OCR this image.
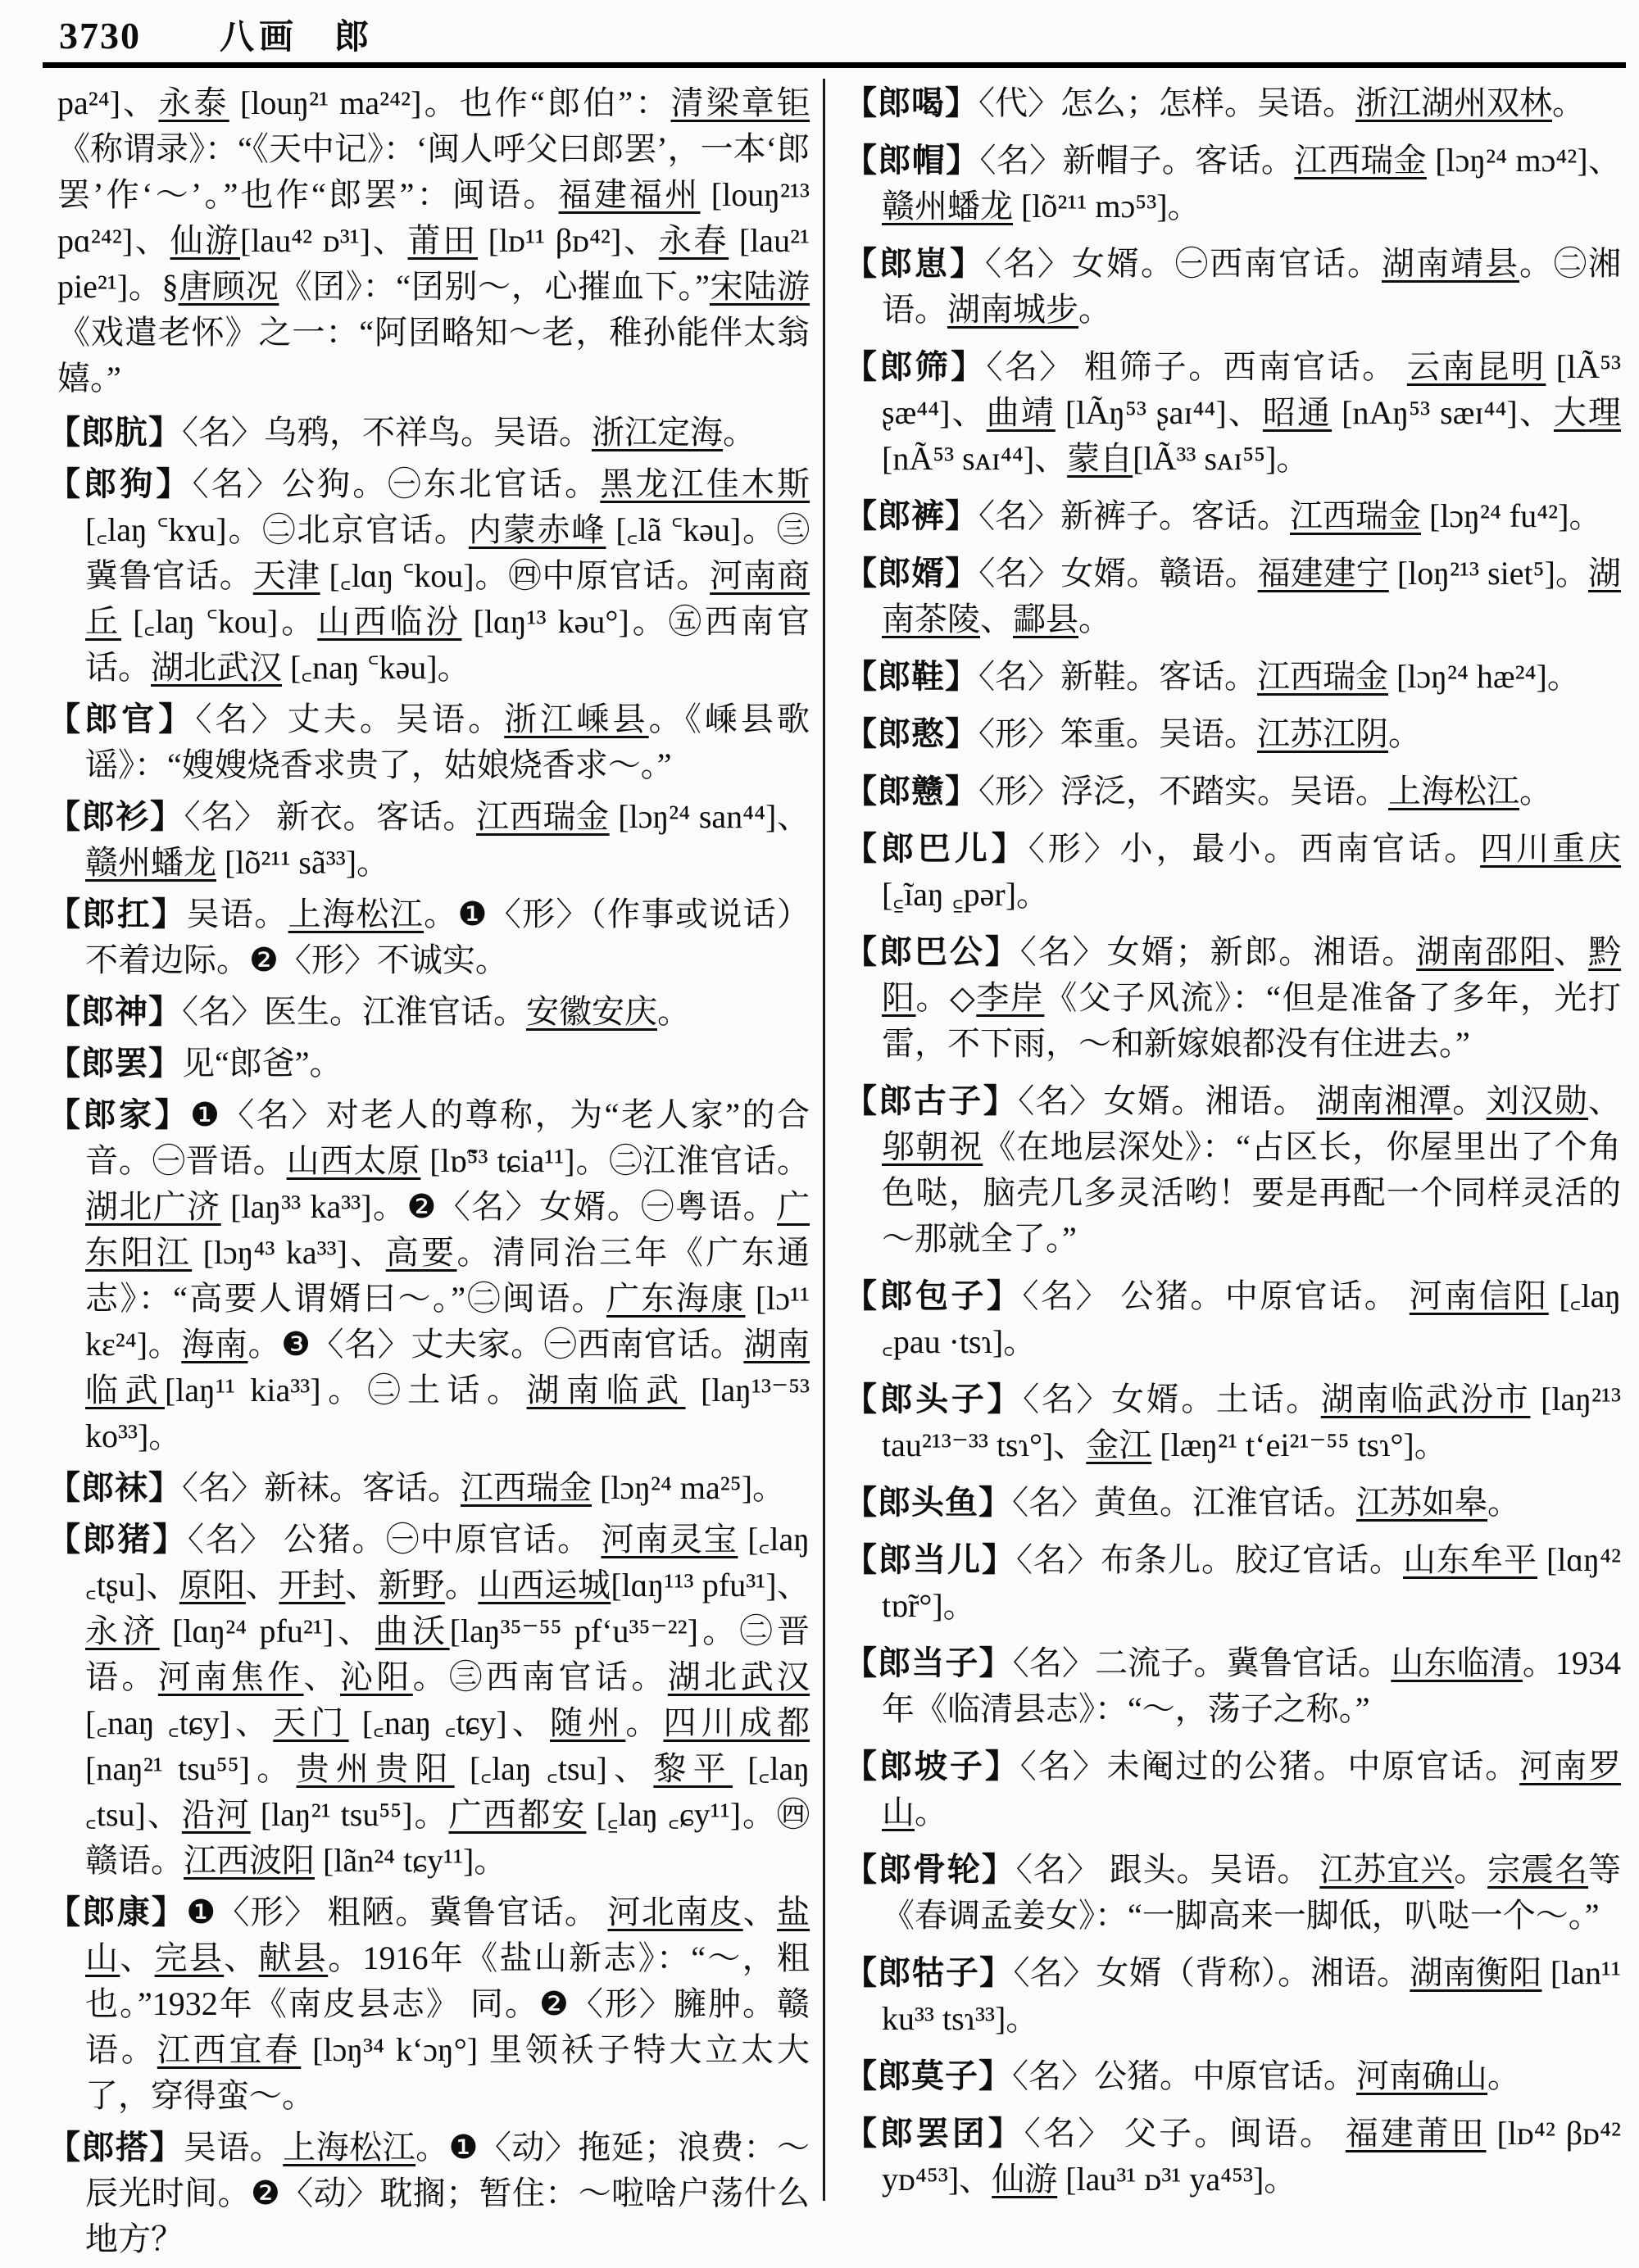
3730 八画 郎

pa²⁴]、永泰 [louŋ²¹ ma²⁴²]。也作“郎伯”：清梁章钜《称谓录》：“《天中记》：‘闽人呼父曰郎罢’，一本‘郎罢’作‘～’。”也作“郎罢”：闽语。福建福州 [louŋ²¹³ pɑ²⁴²]、仙游[lau⁴² ᴅ³¹]、莆田 [lᴅ¹¹ βᴅ⁴²]、永春 [lau²¹ pie²¹]。§唐顾况《囝》：“囝别～，心摧血下。”宋陆游《戏遣老怀》之一：“阿囝略知～老，稚孙能伴太翁嬉。”

【郎肮】〈名〉乌鸦，不祥鸟。吴语。浙江定海。

【郎狗】〈名〉公狗。㊀东北官话。黑龙江佳木斯 [꜀laŋ ꜂kɤu]。㊁北京官话。内蒙赤峰 [꜀lã ꜂kəu]。㊂冀鲁官话。天津 [꜀lɑŋ ꜂kou]。㊃中原官话。河南商丘 [꜀laŋ ꜂kou]。山西临汾 [lɑŋ¹³ kəu°]。㊄西南官话。湖北武汉 [꜀naŋ ꜂kəu]。

【郎官】〈名〉丈夫。吴语。浙江嵊县。《嵊县歌谣》：“嫂嫂烧香求贵了，姑娘烧香求～。”

【郎衫】〈名〉 新衣。客话。江西瑞金 [lɔŋ²⁴ san⁴⁴]、赣州蟠龙 [lõ²¹¹ sã³³]。

【郎扛】吴语。上海松江。❶〈形〉（作事或说话）不着边际。❷〈形〉不诚实。

【郎神】〈名〉医生。江淮官话。安徽安庆。

【郎罢】见“郎爸”。

【郎家】❶〈名〉对老人的尊称，为“老人家”的合音。㊀晋语。山西太原 [lɒ̃⁵³ tɕia¹¹]。㊁江淮官话。湖北广济 [laŋ³³ ka³³]。❷〈名〉女婿。㊀粤语。广东阳江 [lɔŋ⁴³ ka³³]、高要。清同治三年《广东通志》：“高要人谓婿曰～。”㊁闽语。广东海康 [lɔ¹¹ kɛ²⁴]。海南。❸〈名〉丈夫家。㊀西南官话。湖南临武[laŋ¹¹ kia³³]。㊁土话。湖南临武 [laŋ¹³⁻⁵³ ko³³]。

【郎袜】〈名〉新袜。客话。江西瑞金 [lɔŋ²⁴ ma²⁵]。

【郎猪】〈名〉 公猪。㊀中原官话。 河南灵宝 [꜀laŋ ꜀tʂu]、原阳、开封、新野。山西运城[lɑŋ¹¹³ pfu³¹]、永济 [lɑŋ²⁴ pfu²¹]、曲沃[laŋ³⁵⁻⁵⁵ pf‘u³⁵⁻²²]。㊁晋语。河南焦作、沁阳。㊂西南官话。湖北武汉 [꜀naŋ ꜀tɕy]、天门 [꜀naŋ ꜀tɕy]、随州。四川成都 [naŋ²¹ tsu⁵⁵]。贵州贵阳 [꜀laŋ ꜀tsu]、黎平 [꜀laŋ ꜀tsu]、沿河 [laŋ²¹ tsu⁵⁵]。广西都安 [꜁laŋ ꜀ɕy¹¹]。㊃赣语。江西波阳 [lãn²⁴ tɕy¹¹]。

【郎康】❶〈形〉 粗陋。冀鲁官话。 河北南皮、盐山、完县、献县。1916年《盐山新志》：“～，粗也。”1932年《南皮县志》 同。❷〈形〉臃肿。赣语。江西宜春 [lɔŋ³⁴ k‘ɔŋ°] 里领袄子特大立太大了，穿得蛮～。

【郎搭】吴语。上海松江。❶〈动〉拖延；浪费：～辰光时间。❷〈动〉耽搁；暂住：～啦啥户荡什么地方？

【郎喝】〈代〉怎么；怎样。吴语。浙江湖州双林。

【郎帽】〈名〉新帽子。客话。江西瑞金 [lɔŋ²⁴ mɔ⁴²]、赣州蟠龙 [lõ²¹¹ mɔ⁵³]。

【郎崽】〈名〉女婿。㊀西南官话。湖南靖县。㊁湘语。湖南城步。

【郎筛】〈名〉 粗筛子。西南官话。 云南昆明 [lÃ⁵³ ʂæ⁴⁴]、曲靖 [lÃŋ⁵³ ʂaɪ⁴⁴]、昭通 [nAŋ⁵³ sæɪ⁴⁴]、大理[nÃ⁵³ sᴀɪ⁴⁴]、蒙自[lÃ³³ sᴀɪ⁵⁵]。

【郎裤】〈名〉新裤子。客话。江西瑞金 [lɔŋ²⁴ fu⁴²]。

【郎婿】〈名〉女婿。赣语。福建建宁 [loŋ²¹³ siet⁵]。湖南茶陵、酃县。

【郎鞋】〈名〉新鞋。客话。江西瑞金 [lɔŋ²⁴ hæ²⁴]。

【郎憨】〈形〉笨重。吴语。江苏江阴。

【郎戆】〈形〉浮泛，不踏实。吴语。上海松江。

【郎巴儿】〈形〉小，最小。西南官话。四川重庆 [꜁ĩaŋ ꜁pər]。

【郎巴公】〈名〉女婿；新郎。湘语。湖南邵阳、黔阳。◇李岸《父子风流》：“但是准备了多年，光打雷，不下雨，～和新嫁娘都没有住进去。”

【郎古子】〈名〉女婿。湘语。 湖南湘潭。刘汉勋、邬朝祝《在地层深处》：“占区长，你屋里出了个角色哒，脑壳几多灵活哟！要是再配一个同样灵活的～那就全了。”

【郎包子】〈名〉 公猪。中原官话。 河南信阳 [꜀laŋ ꜀pau ·tsɿ]。

【郎头子】〈名〉女婿。土话。湖南临武汾市 [laŋ²¹³ tau²¹³⁻³³ tsɿ°]、金江 [læŋ²¹ t‘ei²¹⁻⁵⁵ tsɿ°]。

【郎头鱼】〈名〉黄鱼。江淮官话。江苏如皋。

【郎当儿】〈名〉布条儿。胶辽官话。山东牟平 [lɑŋ⁴² tɒ̃r°]。

【郎当子】〈名〉二流子。冀鲁官话。山东临清。1934年《临清县志》：“～，荡子之称。”

【郎坡子】〈名〉未阉过的公猪。中原官话。河南罗山。

【郎骨轮】〈名〉 跟头。吴语。 江苏宜兴。宗震名等《春调孟姜女》：“一脚高来一脚低，叭哒一个～。”

【郎牯子】〈名〉女婿（背称）。湘语。湖南衡阳 [lan¹¹ ku³³ tsɿ³³]。

【郎莫子】〈名〉公猪。中原官话。河南确山。

【郎罢囝】〈名〉 父子。闽语。 福建莆田 [lᴅ⁴² βᴅ⁴² yᴅ⁴⁵³]、仙游 [lau³¹ ᴅ³¹ ya⁴⁵³]。
